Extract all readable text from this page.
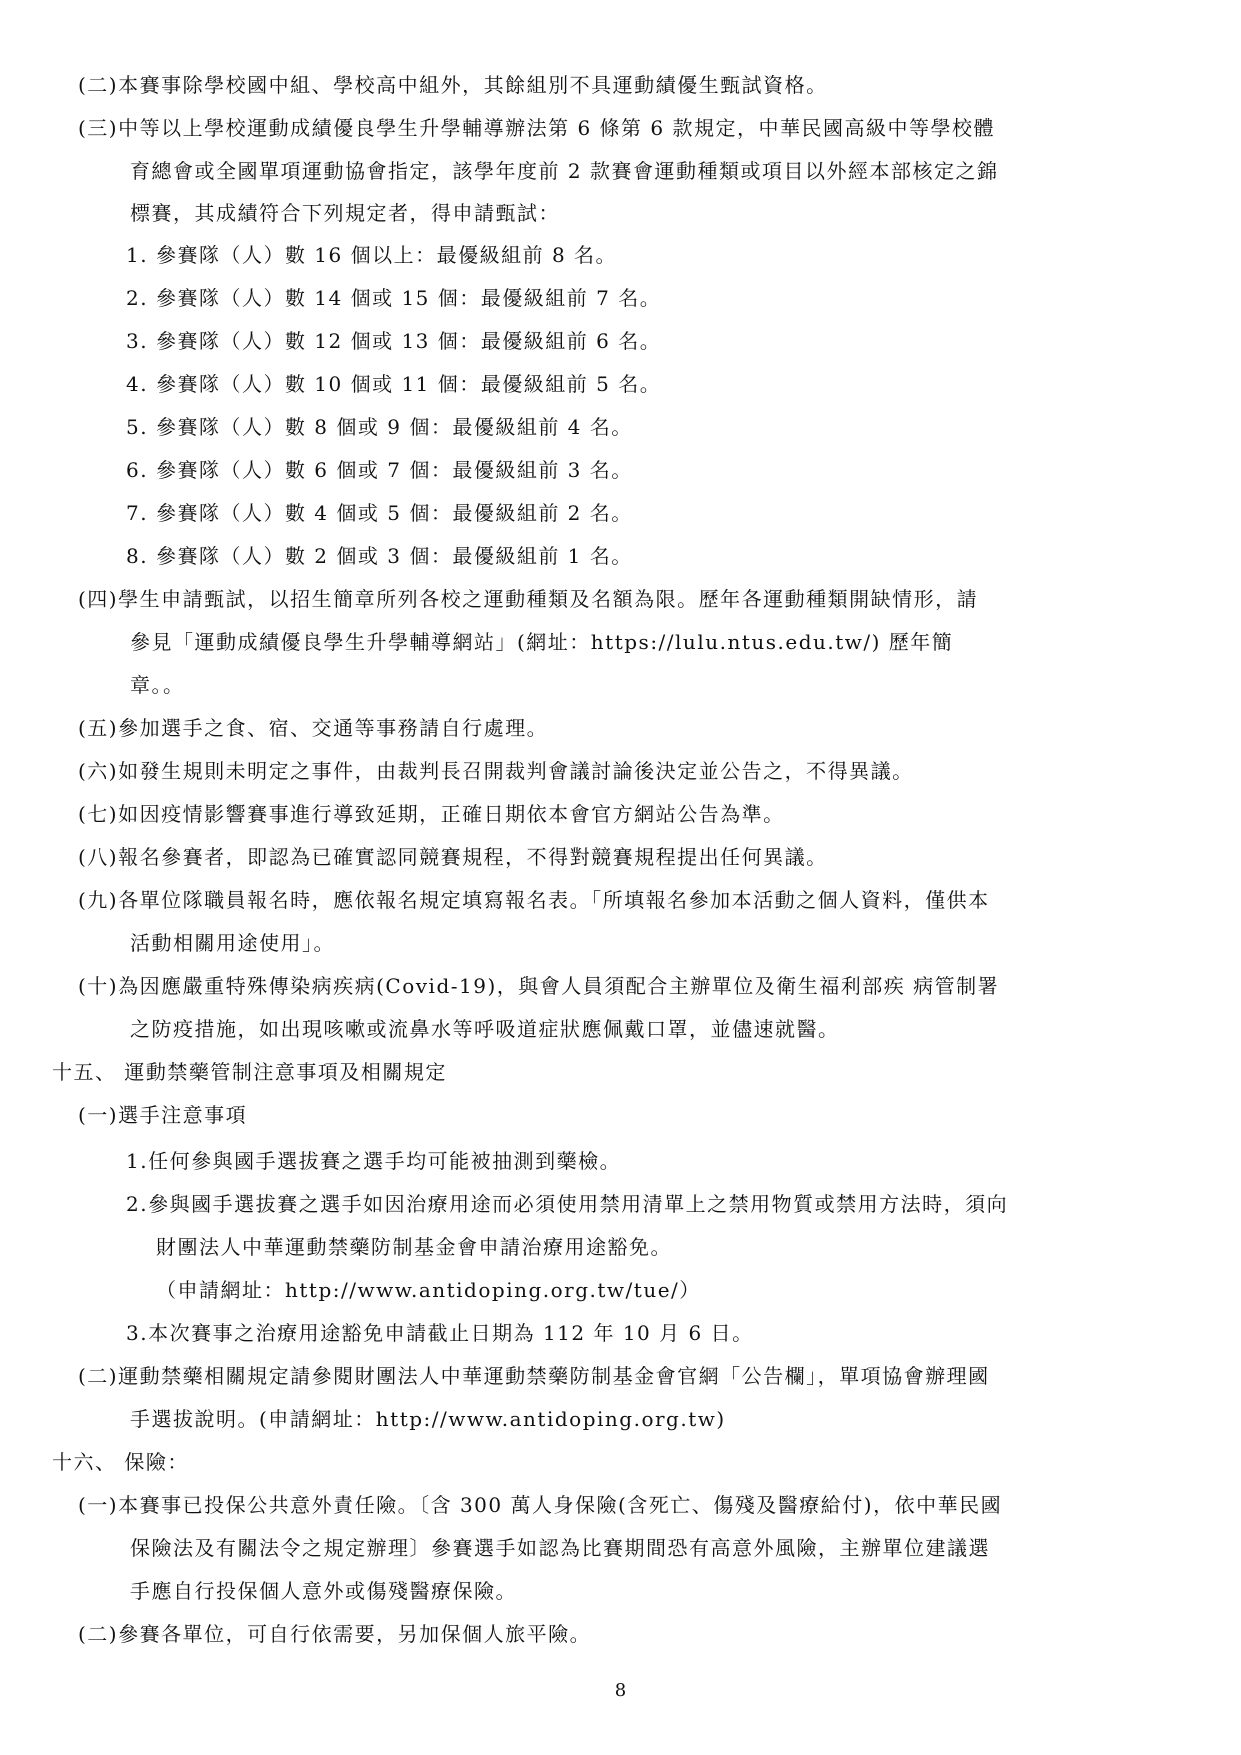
(二)本賽事除學校國中組、學校高中組外，其餘組別不具運動績優生甄試資格。
(三)中等以上學校運動成績優良學生升學輔導辦法第 6 條第 6 款規定，中華民國高級中等學校體
育總會或全國單項運動協會指定，該學年度前 2 款賽會運動種類或項目以外經本部核定之錦
標賽，其成績符合下列規定者，得申請甄試：
1. 參賽隊（人）數 16 個以上：最優級組前 8 名。
2. 參賽隊（人）數 14 個或 15 個：最優級組前 7 名。
3. 參賽隊（人）數 12 個或 13 個：最優級組前 6 名。
4. 參賽隊（人）數 10 個或 11 個：最優級組前 5 名。
5. 參賽隊（人）數 8 個或 9 個：最優級組前 4 名。
6. 參賽隊（人）數 6 個或 7 個：最優級組前 3 名。
7. 參賽隊（人）數 4 個或 5 個：最優級組前 2 名。
8. 參賽隊（人）數 2 個或 3 個：最優級組前 1 名。
(四)學生申請甄試，以招生簡章所列各校之運動種類及名額為限。歷年各運動種類開缺情形，請
參見「運動成績優良學生升學輔導網站」(網址：https://lulu.ntus.edu.tw/) 歷年簡
章。。
(五)參加選手之食、宿、交通等事務請自行處理。
(六)如發生規則未明定之事件，由裁判長召開裁判會議討論後決定並公告之，不得異議。
(七)如因疫情影響賽事進行導致延期，正確日期依本會官方網站公告為準。
(八)報名參賽者，即認為已確實認同競賽規程，不得對競賽規程提出任何異議。
(九)各單位隊職員報名時，應依報名規定填寫報名表。「所填報名參加本活動之個人資料，僅供本
活動相關用途使用」。
(十)為因應嚴重特殊傳染病疾病(Covid-19)，與會人員須配合主辦單位及衛生福利部疾 病管制署
之防疫措施，如出現咳嗽或流鼻水等呼吸道症狀應佩戴口罩，並儘速就醫。
十五、 運動禁藥管制注意事項及相關規定
(一)選手注意事項
1.任何參與國手選拔賽之選手均可能被抽測到藥檢。
2.參與國手選拔賽之選手如因治療用途而必須使用禁用清單上之禁用物質或禁用方法時，須向
財團法人中華運動禁藥防制基金會申請治療用途豁免。
（申請網址：http://www.antidoping.org.tw/tue/）
3.本次賽事之治療用途豁免申請截止日期為 112 年 10 月 6 日。
(二)運動禁藥相關規定請參閱財團法人中華運動禁藥防制基金會官網「公告欄」，單項協會辦理國
手選拔說明。(申請網址：http://www.antidoping.org.tw)
十六、 保險：
(一)本賽事已投保公共意外責任險。〔含 300 萬人身保險(含死亡、傷殘及醫療給付)，依中華民國
保險法及有關法令之規定辦理〕參賽選手如認為比賽期間恐有高意外風險，主辦單位建議選
手應自行投保個人意外或傷殘醫療保險。
(二)參賽各單位，可自行依需要，另加保個人旅平險。
8
